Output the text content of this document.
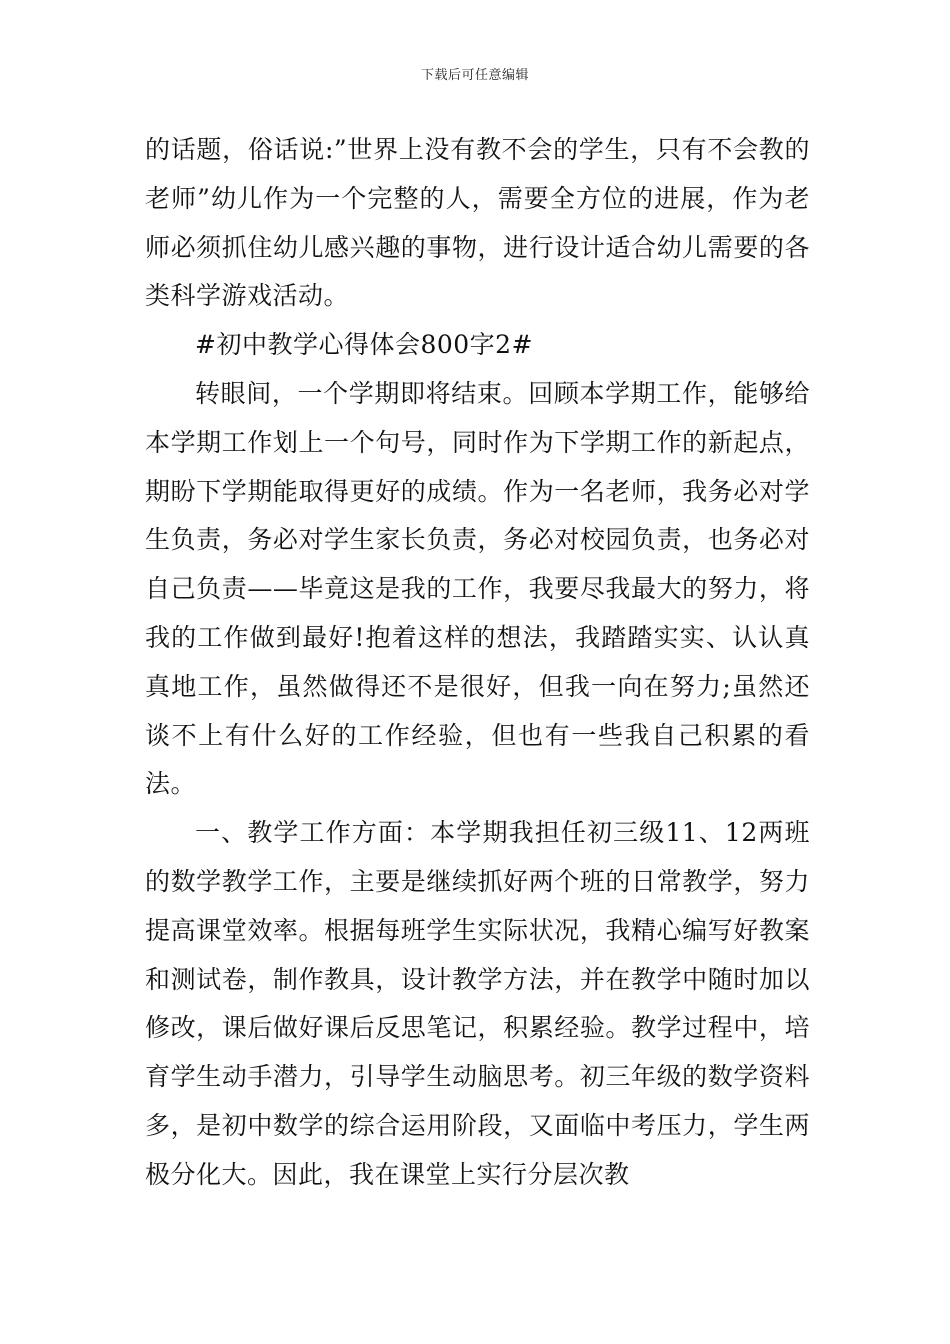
下载后可任意编辑

的话题，俗话说:”世界上没有教不会的学生，只有不会教的老师”幼儿作为一个完整的人，需要全方位的进展，作为老师必须抓住幼儿感兴趣的事物，进行设计适合幼儿需要的各类科学游戏活动。

#初中教学心得体会800字2#

转眼间，一个学期即将结束。回顾本学期工作，能够给本学期工作划上一个句号，同时作为下学期工作的新起点，期盼下学期能取得更好的成绩。作为一名老师，我务必对学生负责，务必对学生家长负责，务必对校园负责，也务必对自己负责——毕竟这是我的工作，我要尽我最大的努力，将我的工作做到最好!抱着这样的想法，我踏踏实实、认认真真地工作，虽然做得还不是很好，但我一向在努力;虽然还谈不上有什么好的工作经验，但也有一些我自己积累的看法。

一、教学工作方面：本学期我担任初三级11、12两班的数学教学工作，主要是继续抓好两个班的日常教学，努力提高课堂效率。根据每班学生实际状况，我精心编写好教案和测试卷，制作教具，设计教学方法，并在教学中随时加以修改，课后做好课后反思笔记，积累经验。教学过程中，培育学生动手潜力，引导学生动脑思考。初三年级的数学资料多，是初中数学的综合运用阶段，又面临中考压力，学生两极分化大。因此，我在课堂上实行分层次教
